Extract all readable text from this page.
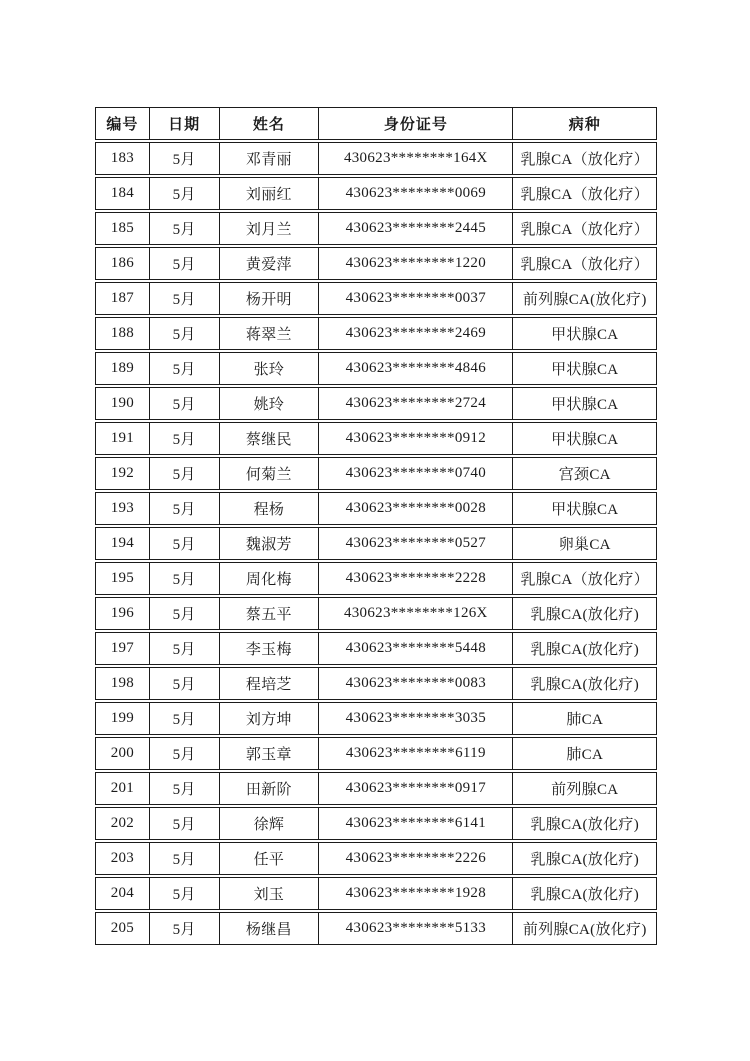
编号	日期	姓名	身份证号	病种
183	5月	邓青丽	430623********164X	乳腺CA（放化疗）
184	5月	刘丽红	430623********0069	乳腺CA（放化疗）
185	5月	刘月兰	430623********2445	乳腺CA（放化疗）
186	5月	黄爱萍	430623********1220	乳腺CA（放化疗）
187	5月	杨开明	430623********0037	前列腺CA(放化疗)
188	5月	蒋翠兰	430623********2469	甲状腺CA
189	5月	张玲	430623********4846	甲状腺CA
190	5月	姚玲	430623********2724	甲状腺CA
191	5月	蔡继民	430623********0912	甲状腺CA
192	5月	何菊兰	430623********0740	宫颈CA
193	5月	程杨	430623********0028	甲状腺CA
194	5月	魏淑芳	430623********0527	卵巢CA
195	5月	周化梅	430623********2228	乳腺CA（放化疗）
196	5月	蔡五平	430623********126X	乳腺CA(放化疗)
197	5月	李玉梅	430623********5448	乳腺CA(放化疗)
198	5月	程培芝	430623********0083	乳腺CA(放化疗)
199	5月	刘方坤	430623********3035	肺CA
200	5月	郭玉章	430623********6119	肺CA
201	5月	田新阶	430623********0917	前列腺CA
202	5月	徐辉	430623********6141	乳腺CA(放化疗)
203	5月	任平	430623********2226	乳腺CA(放化疗)
204	5月	刘玉	430623********1928	乳腺CA(放化疗)
205	5月	杨继昌	430623********5133	前列腺CA(放化疗)
